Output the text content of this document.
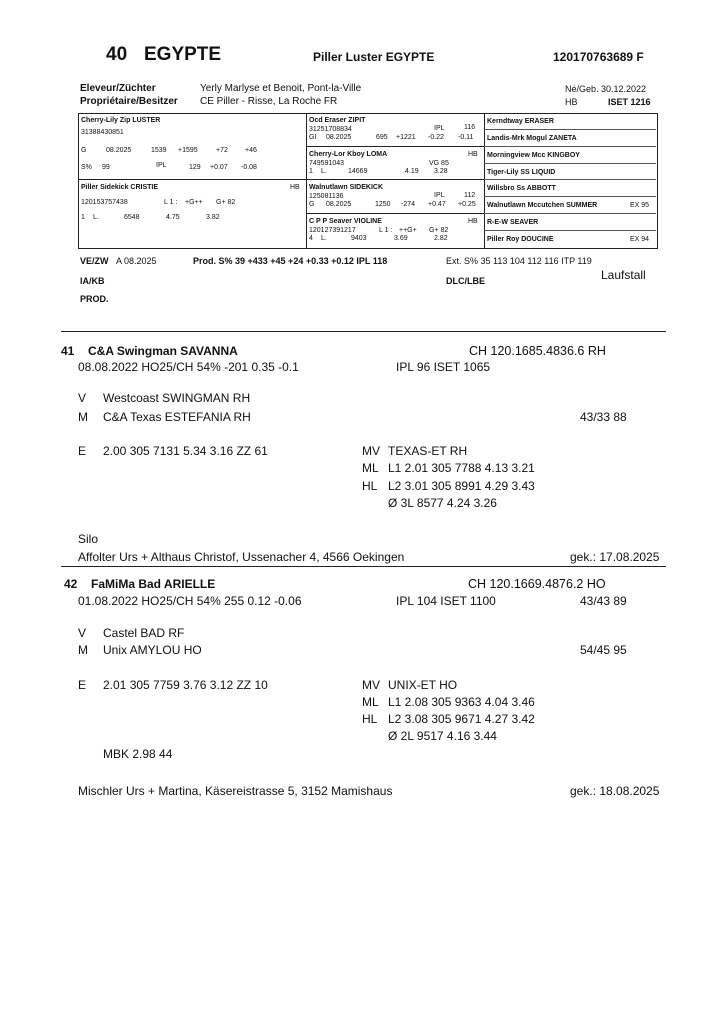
40 EGYPTE	Piller Luster EGYPTE	120170763689 F
Eleveur/Züchter	Yerly Marlyse et Benoit, Pont-la-Ville
Propriétaire/Besitzer CE Piller - Risse, La Roche FR
Né/Geb. 30.12.2022
HB	ISET 1216
Cherry-Lily Zip LUSTER
31388430851
G	08.2025	1539 +1595	+72 +46
S% 99	IPL	129 +0.07 -0.08
Piller Sidekick CRISTIE	HB
120153757438	L 1 : +G++ G+ 82
1 L.	6548	4.75	3.82
Ocd Eraser ZIPIT
31251708834	IPL	116
GI 08.2025	695 +1221 -0.22 -0.11
Cherry-Lor Kboy LOMA	HB
749591043	VG 85
1 L.	14669	4.19 3.28
Walnutlawn SIDEKICK
125081136	IPL	112
G 08.2025	1250 -274 +0.47 +0.25
C P P Seaver VIOLINE	HB
120127391217	L 1 : ++G+ G+ 82
4 L.	9403	3.69	2.82
Kerndtway ERASER
Landis-Mrk Mogul ZANETA
Morningview Mcc KINGBOY
Tiger-Lily SS LIQUID
Willsbro Ss ABBOTT
Walnutlawn Mccutchen SUMMER	EX 95
R-E-W SEAVER
Piller Roy DOUCINE	EX 94
VE/ZW A 08.2025	Prod. S% 39 +433 +45 +24 +0.33 +0.12 IPL 118	Ext. S% 35 113 104 112 116 ITP 119
IA/KB	DLC/LBE	Laufstall
PROD.
41 C&A Swingman SAVANNA	CH 120.1685.4836.6 RH
08.08.2022 HO25/CH 54% -201 0.35 -0.1	IPL 96 ISET 1065
V Westcoast SWINGMAN RH
M C&A Texas ESTEFANIA RH	43/33 88
E 2.00 305 7131 5.34 3.16 ZZ 61	MV TEXAS-ET RH
ML L1 2.01 305 7788 4.13 3.21
HL L2 3.01 305 8991 4.29 3.43
Ø 3L 8577 4.24 3.26
Silo
Affolter Urs + Althaus Christof, Ussenacher 4, 4566 Oekingen	gek.: 17.08.2025
42 FaMiMa Bad ARIELLE	CH 120.1669.4876.2 HO
01.08.2022 HO25/CH 54% 255 0.12 -0.06	IPL 104 ISET 1100	43/43 89
V Castel BAD RF
M Unix AMYLOU HO	54/45 95
E 2.01 305 7759 3.76 3.12 ZZ 10	MV UNIX-ET HO
ML L1 2.08 305 9363 4.04 3.46
HL L2 3.08 305 9671 4.27 3.42
Ø 2L 9517 4.16 3.44
MBK 2.98 44
Mischler Urs + Martina, Käsereistrasse 5, 3152 Mamishaus	gek.: 18.08.2025
